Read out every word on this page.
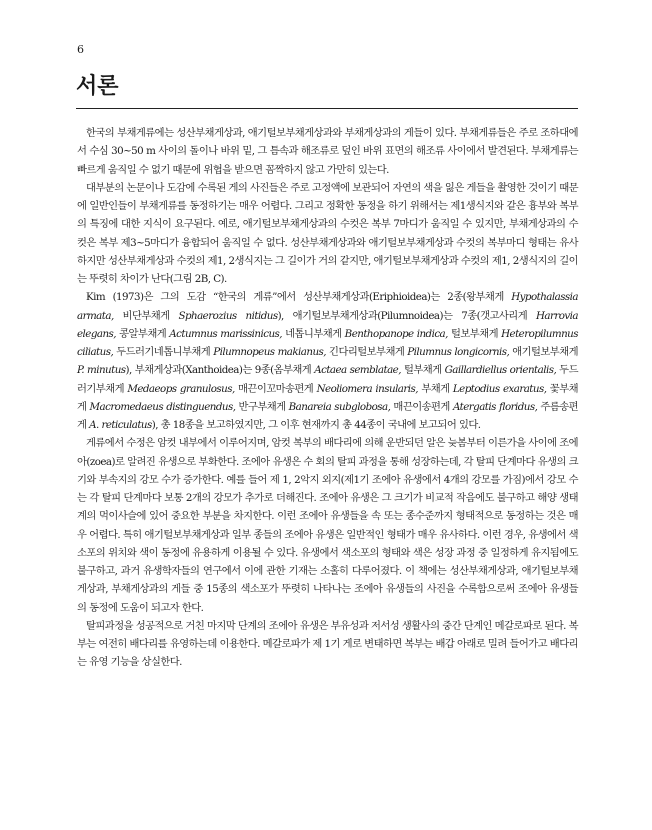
6
서론

한국의 부채게류에는 성산부채게상과, 애기털보부채게상과와 부채게상과의 게들이 있다. 부채게류들은 주로 조하대에서 수심 30~50 m 사이의 돌이나 바위 밑, 그 틈속과 해조류로 덮인 바위 표면의 해조류 사이에서 발견된다. 부채게류는 빠르게 움직일 수 없기 때문에 위협을 받으면 꼼짝하지 않고 가만히 있는다.

대부분의 논문이나 도감에 수록된 게의 사진들은 주로 고정액에 보관되어 자연의 색을 잃은 게들을 촬영한 것이기 때문에 일반인들이 부채게류를 동정하기는 매우 어렵다. 그리고 정확한 동정을 하기 위해서는 제1생식지와 같은 흉부와 복부의 특징에 대한 지식이 요구된다. 예로, 애기털보부채게상과의 수컷은 복부 7마디가 움직일 수 있지만, 부채게상과의 수컷은 복부 제3~5마디가 융합되어 움직일 수 없다. 성산부채게상과와 애기털보부채게상과 수컷의 복부마디 형태는 유사하지만 성산부채게상과 수컷의 제1, 2생식지는 그 길이가 거의 같지만, 애기털보부채게상과 수컷의 제1, 2생식지의 길이는 뚜렷히 차이가 난다(그림 2B, C).

Kim (1973)은 그의 도감 “한국의 게류”에서 성산부채게상과(Eriphioidea)는 2종(왕부채게 Hypothalassia armata, 비단부채게 Sphaerozius nitidus), 애기털보부채게상과(Pilumnoidea)는 7종(갯고사리게 Harrovia elegans, 콩알부채게 Actumnus marissinicus, 네톱니부채게 Benthopanope indica, 털보부채게 Heteropilumnus ciliatus, 두드러기네톱니부채게 Pilumnopeus makianus, 긴다리털보부채게 Pilumnus longicornis, 애기털보부채게 P. minutus), 부채게상과(Xanthoidea)는 9종(옴부채게 Actaea semblatae, 털부채게 Gaillardiellus orientalis, 두드러기부채게 Medaeops granulosus, 매끈이꼬마송편게 Neoliomera insularis, 부채게 Leptodius exaratus, 꽃부채게 Macromedaeus distinguendus, 반구부채게 Banareia subglobosa, 매끈이송편게 Atergatis floridus, 주름송편게 A. reticulatus), 총 18종을 보고하였지만, 그 이후 현재까지 총 44종이 국내에 보고되어 있다.

게류에서 수정은 암컷 내부에서 이루어지며, 암컷 복부의 배다리에 의해 운반되던 알은 늦봄부터 이른가을 사이에 조에아(zoea)로 알려진 유생으로 부화한다. 조에아 유생은 수 회의 탈피 과정을 통해 성장하는데, 각 탈피 단계마다 유생의 크기와 부속지의 강모 수가 증가한다. 예를 들어 제 1, 2악지 외지(제1기 조에아 유생에서 4개의 강모를 가짐)에서 강모 수는 각 탈피 단계마다 보통 2개의 강모가 추가로 더해진다. 조에아 유생은 그 크기가 비교적 작음에도 불구하고 해양 생태계의 먹이사슬에 있어 중요한 부분을 차지한다. 이런 조에아 유생들을 속 또는 종수준까지 형태적으로 동정하는 것은 매우 어렵다. 특히 애기털보부채게상과 일부 종들의 조에아 유생은 일반적인 형태가 매우 유사하다. 이런 경우, 유생에서 색소포의 위치와 색이 동정에 유용하게 이용될 수 있다. 유생에서 색소포의 형태와 색은 성장 과정 중 일정하게 유지됨에도 불구하고, 과거 유생학자들의 연구에서 이에 관한 기재는 소홀히 다루어졌다. 이 책에는 성산부채게상과, 애기털보부채게상과, 부채게상과의 게들 중 15종의 색소포가 뚜렷히 나타나는 조에아 유생들의 사진을 수록함으로써 조에아 유생들의 동정에 도움이 되고자 한다.

탈피과정을 성공적으로 거친 마지막 단계의 조에아 유생은 부유성과 저서성 생활사의 중간 단계인 메갈로파로 된다. 복부는 여전히 배다리를 유영하는데 이용한다. 메갈로파가 제 1기 게로 변태하면 복부는 배갑 아래로 밀려 들어가고 배다리는 유영 기능을 상실한다.
